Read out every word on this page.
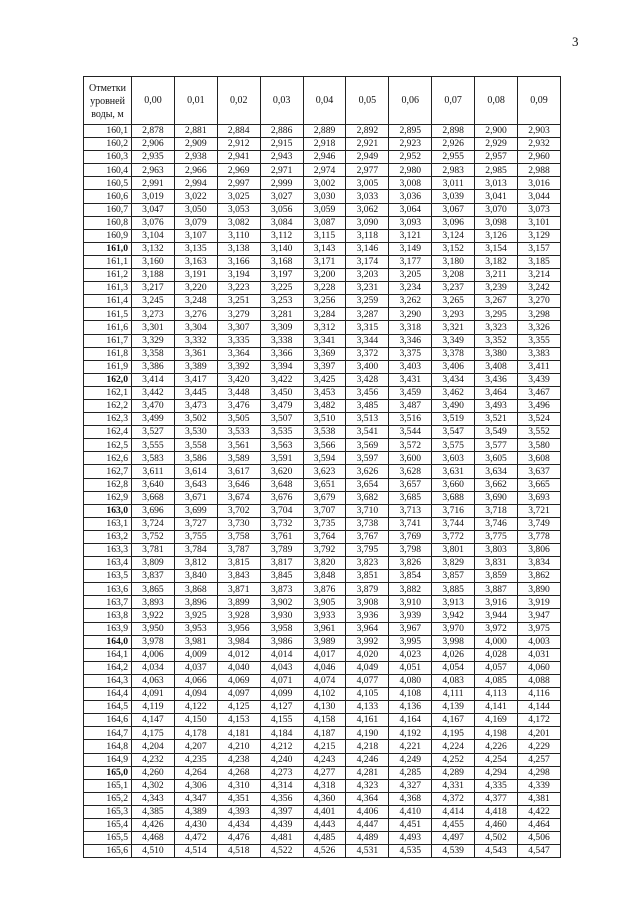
3
Отметки уровней воды, м	0,00	0,01	0,02	0,03	0,04	0,05	0,06	0,07	0,08	0,09
160,1	2,878	2,881	2,884	2,886	2,889	2,892	2,895	2,898	2,900	2,903
160,2	2,906	2,909	2,912	2,915	2,918	2,921	2,923	2,926	2,929	2,932
160,3	2,935	2,938	2,941	2,943	2,946	2,949	2,952	2,955	2,957	2,960
160,4	2,963	2,966	2,969	2,971	2,974	2,977	2,980	2,983	2,985	2,988
160,5	2,991	2,994	2,997	2,999	3,002	3,005	3,008	3,011	3,013	3,016
160,6	3,019	3,022	3,025	3,027	3,030	3,033	3,036	3,039	3,041	3,044
160,7	3,047	3,050	3,053	3,056	3,059	3,062	3,064	3,067	3,070	3,073
160,8	3,076	3,079	3,082	3,084	3,087	3,090	3,093	3,096	3,098	3,101
160,9	3,104	3,107	3,110	3,112	3,115	3,118	3,121	3,124	3,126	3,129
161,0	3,132	3,135	3,138	3,140	3,143	3,146	3,149	3,152	3,154	3,157
161,1	3,160	3,163	3,166	3,168	3,171	3,174	3,177	3,180	3,182	3,185
161,2	3,188	3,191	3,194	3,197	3,200	3,203	3,205	3,208	3,211	3,214
161,3	3,217	3,220	3,223	3,225	3,228	3,231	3,234	3,237	3,239	3,242
161,4	3,245	3,248	3,251	3,253	3,256	3,259	3,262	3,265	3,267	3,270
161,5	3,273	3,276	3,279	3,281	3,284	3,287	3,290	3,293	3,295	3,298
161,6	3,301	3,304	3,307	3,309	3,312	3,315	3,318	3,321	3,323	3,326
161,7	3,329	3,332	3,335	3,338	3,341	3,344	3,346	3,349	3,352	3,355
161,8	3,358	3,361	3,364	3,366	3,369	3,372	3,375	3,378	3,380	3,383
161,9	3,386	3,389	3,392	3,394	3,397	3,400	3,403	3,406	3,408	3,411
162,0	3,414	3,417	3,420	3,422	3,425	3,428	3,431	3,434	3,436	3,439
162,1	3,442	3,445	3,448	3,450	3,453	3,456	3,459	3,462	3,464	3,467
162,2	3,470	3,473	3,476	3,479	3,482	3,485	3,487	3,490	3,493	3,496
162,3	3,499	3,502	3,505	3,507	3,510	3,513	3,516	3,519	3,521	3,524
162,4	3,527	3,530	3,533	3,535	3,538	3,541	3,544	3,547	3,549	3,552
162,5	3,555	3,558	3,561	3,563	3,566	3,569	3,572	3,575	3,577	3,580
162,6	3,583	3,586	3,589	3,591	3,594	3,597	3,600	3,603	3,605	3,608
162,7	3,611	3,614	3,617	3,620	3,623	3,626	3,628	3,631	3,634	3,637
162,8	3,640	3,643	3,646	3,648	3,651	3,654	3,657	3,660	3,662	3,665
162,9	3,668	3,671	3,674	3,676	3,679	3,682	3,685	3,688	3,690	3,693
163,0	3,696	3,699	3,702	3,704	3,707	3,710	3,713	3,716	3,718	3,721
163,1	3,724	3,727	3,730	3,732	3,735	3,738	3,741	3,744	3,746	3,749
163,2	3,752	3,755	3,758	3,761	3,764	3,767	3,769	3,772	3,775	3,778
163,3	3,781	3,784	3,787	3,789	3,792	3,795	3,798	3,801	3,803	3,806
163,4	3,809	3,812	3,815	3,817	3,820	3,823	3,826	3,829	3,831	3,834
163,5	3,837	3,840	3,843	3,845	3,848	3,851	3,854	3,857	3,859	3,862
163,6	3,865	3,868	3,871	3,873	3,876	3,879	3,882	3,885	3,887	3,890
163,7	3,893	3,896	3,899	3,902	3,905	3,908	3,910	3,913	3,916	3,919
163,8	3,922	3,925	3,928	3,930	3,933	3,936	3,939	3,942	3,944	3,947
163,9	3,950	3,953	3,956	3,958	3,961	3,964	3,967	3,970	3,972	3,975
164,0	3,978	3,981	3,984	3,986	3,989	3,992	3,995	3,998	4,000	4,003
164,1	4,006	4,009	4,012	4,014	4,017	4,020	4,023	4,026	4,028	4,031
164,2	4,034	4,037	4,040	4,043	4,046	4,049	4,051	4,054	4,057	4,060
164,3	4,063	4,066	4,069	4,071	4,074	4,077	4,080	4,083	4,085	4,088
164,4	4,091	4,094	4,097	4,099	4,102	4,105	4,108	4,111	4,113	4,116
164,5	4,119	4,122	4,125	4,127	4,130	4,133	4,136	4,139	4,141	4,144
164,6	4,147	4,150	4,153	4,155	4,158	4,161	4,164	4,167	4,169	4,172
164,7	4,175	4,178	4,181	4,184	4,187	4,190	4,192	4,195	4,198	4,201
164,8	4,204	4,207	4,210	4,212	4,215	4,218	4,221	4,224	4,226	4,229
164,9	4,232	4,235	4,238	4,240	4,243	4,246	4,249	4,252	4,254	4,257
165,0	4,260	4,264	4,268	4,273	4,277	4,281	4,285	4,289	4,294	4,298
165,1	4,302	4,306	4,310	4,314	4,318	4,323	4,327	4,331	4,335	4,339
165,2	4,343	4,347	4,351	4,356	4,360	4,364	4,368	4,372	4,377	4,381
165,3	4,385	4,389	4,393	4,397	4,401	4,406	4,410	4,414	4,418	4,422
165,4	4,426	4,430	4,434	4,439	4,443	4,447	4,451	4,455	4,460	4,464
165,5	4,468	4,472	4,476	4,481	4,485	4,489	4,493	4,497	4,502	4,506
165,6	4,510	4,514	4,518	4,522	4,526	4,531	4,535	4,539	4,543	4,547
